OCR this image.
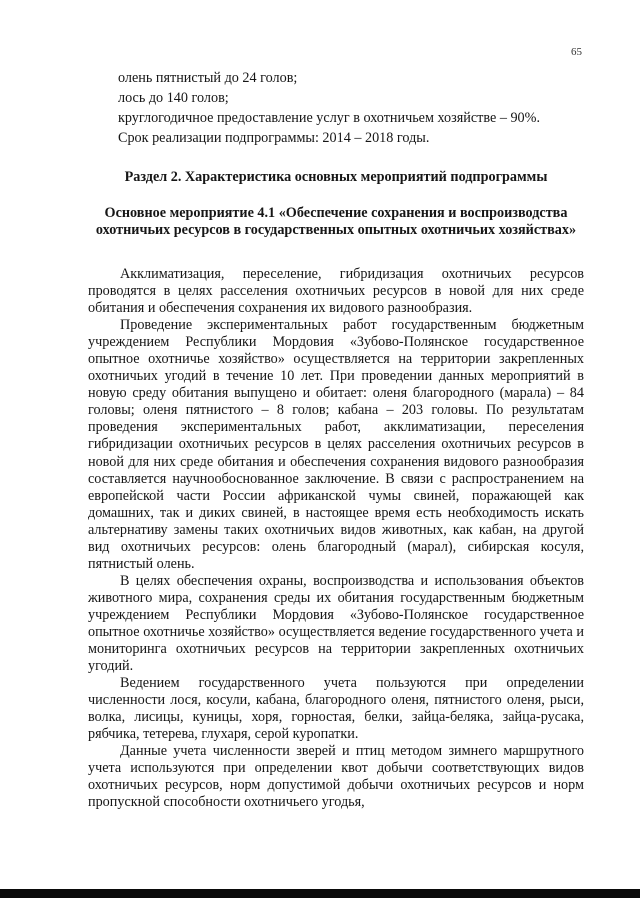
65

олень пятнистый до 24 голов;

лось до 140 голов;

круглогодичное предоставление услуг в охотничьем хозяйстве – 90%.

Срок реализации подпрограммы: 2014 – 2018 годы.

Раздел 2. Характеристика основных мероприятий подпрограммы
Основное мероприятие 4.1 «Обеспечение сохранения и воспроизводства охотничьих ресурсов в государственных опытных охотничьих хозяйствах»

Акклиматизация, переселение, гибридизация охотничьих ресурсов проводятся в целях расселения охотничьих ресурсов в новой для них среде обитания и обеспечения сохранения их видового разнообразия.

Проведение экспериментальных работ государственным бюджетным учреждением Республики Мордовия «Зубово-Полянское государственное опытное охотничье хозяйство» осуществляется на территории закрепленных охотничьих угодий в течение 10 лет. При проведении данных мероприятий в новую среду обитания выпущено и обитает: оленя благородного (марала) – 84 головы; оленя пятнистого – 8 голов; кабана – 203 головы. По результатам проведения экспериментальных работ, акклиматизации, переселения гибридизации охотничьих ресурсов в целях расселения охотничьих ресурсов в новой для них среде обитания и обеспечения сохранения видового разнообразия составляется научнообоснованное заключение. В связи с распространением на европейской части России африканской чумы свиней, поражающей как домашних, так и диких свиней, в настоящее время есть необходимость искать альтернативу замены таких охотничьих видов животных, как кабан, на другой вид охотничьих ресурсов: олень благородный (марал), сибирская косуля, пятнистый олень.

В целях обеспечения охраны, воспроизводства и использования объектов животного мира, сохранения среды их обитания государственным бюджетным учреждением Республики Мордовия «Зубово-Полянское государственное опытное охотничье хозяйство» осуществляется ведение государственного учета и мониторинга охотничьих ресурсов на территории закрепленных охотничьих угодий.

Ведением государственного учета пользуются при определении численности лося, косули, кабана, благородного оленя, пятнистого оленя, рыси, волка, лисицы, куницы, хоря, горностая, белки, зайца-беляка, зайца-русака, рябчика, тетерева, глухаря, серой куропатки.

Данные учета численности зверей и птиц методом зимнего маршрутного учета используются при определении квот добычи соответствующих видов охотничьих ресурсов, норм допустимой добычи охотничьих ресурсов и норм пропускной способности охотничьего угодья,
